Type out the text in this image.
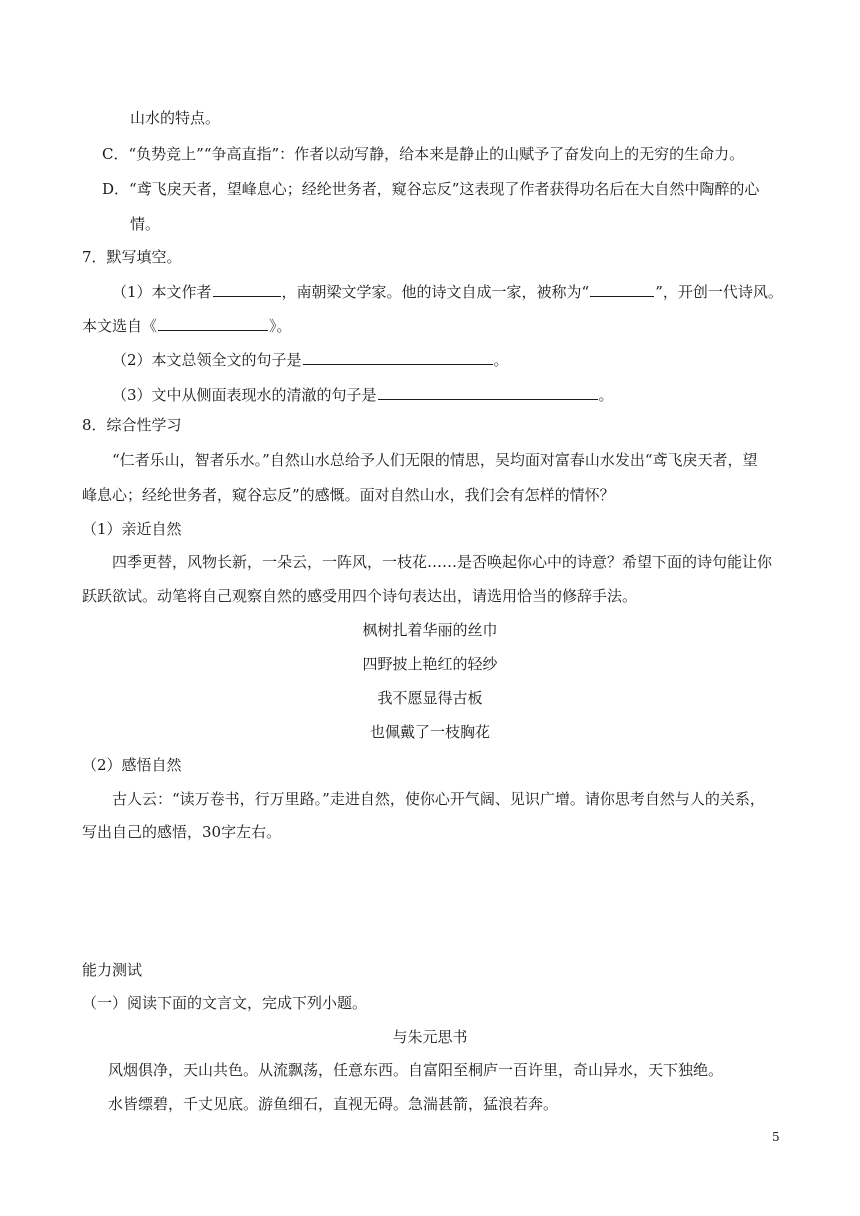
山水的特点。
C．“负势竞上”“争高直指”：作者以动写静，给本来是静止的山赋予了奋发向上的无穷的生命力。
D．“鸢飞戾天者，望峰息心；经纶世务者，窥谷忘反”这表现了作者获得功名后在大自然中陶醉的心
情。
7．默写填空。
（1）本文作者	，南朝梁文学家。他的诗文自成一家，被称为“	”，开创一代诗风。
本文选自《	》。
（2）本文总领全文的句子是	。
（3）文中从侧面表现水的清澈的句子是	。
8．综合性学习
“仁者乐山，智者乐水。”自然山水总给予人们无限的情思，吴均面对富春山水发出“鸢飞戾天者，望
峰息心；经纶世务者，窥谷忘反”的感慨。面对自然山水，我们会有怎样的情怀？
（1）亲近自然
四季更替，风物长新，一朵云，一阵风，一枝花……是否唤起你心中的诗意？希望下面的诗句能让你
跃跃欲试。动笔将自己观察自然的感受用四个诗句表达出，请选用恰当的修辞手法。
枫树扎着华丽的丝巾
四野披上艳红的轻纱
我不愿显得古板
也佩戴了一枝胸花
（2）感悟自然
古人云：“读万卷书，行万里路。”走进自然，使你心开气阔、见识广增。请你思考自然与人的关系，
写出自己的感悟，30字左右。
能力测试
（一）阅读下面的文言文，完成下列小题。
与朱元思书
风烟俱净，天山共色。从流飘荡，任意东西。自富阳至桐庐一百许里，奇山异水，天下独绝。
水皆缥碧，千丈见底。游鱼细石，直视无碍。急湍甚箭，猛浪若奔。
5
